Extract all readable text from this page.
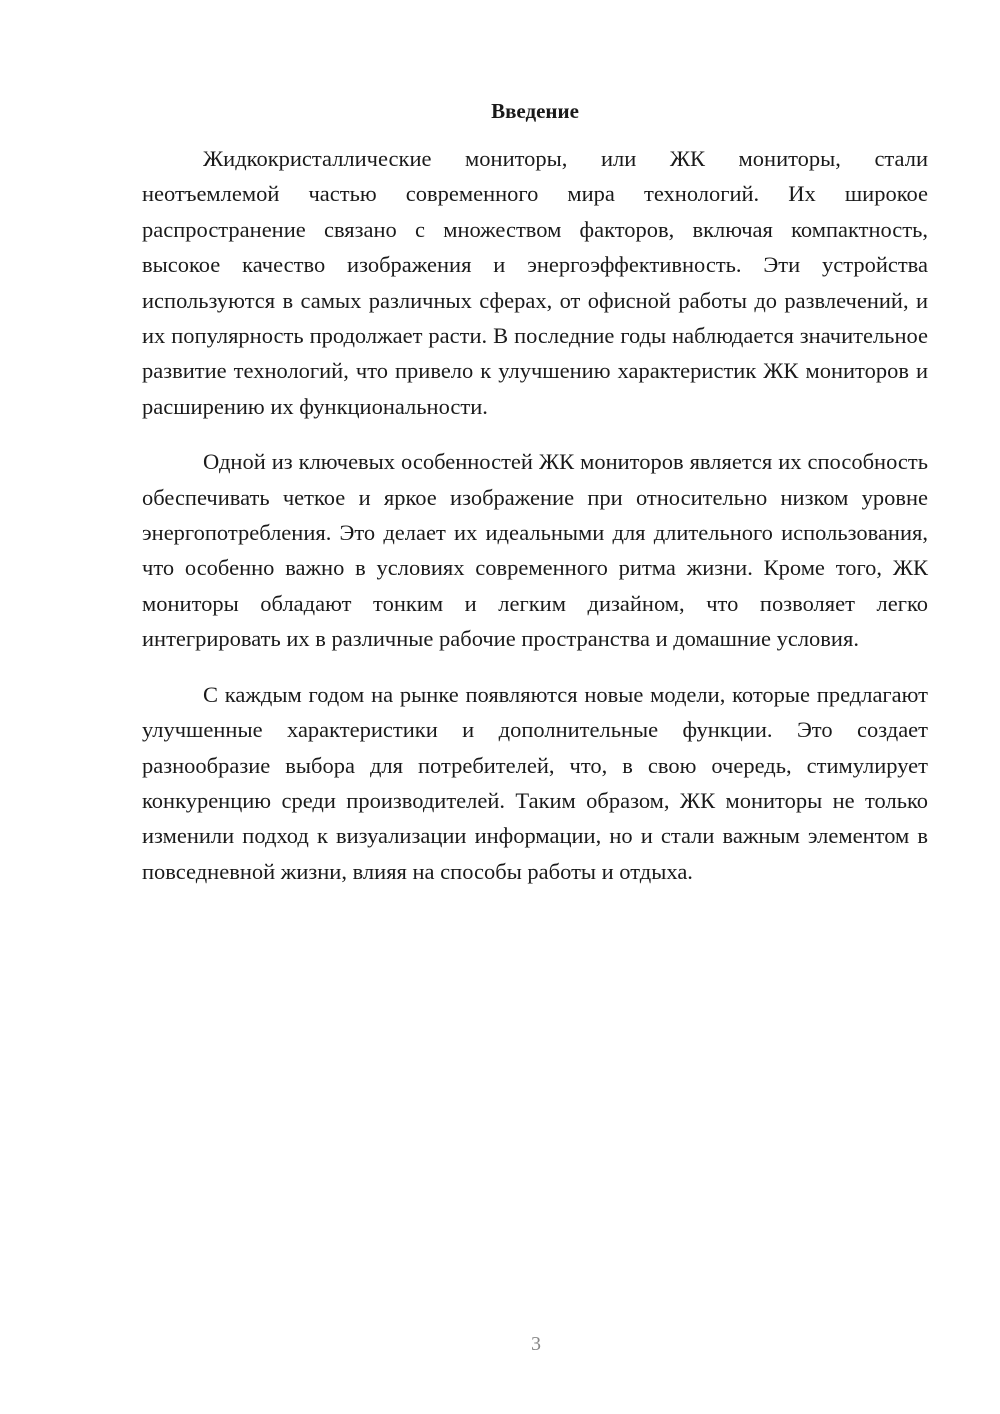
Введение

Жидкокристаллические мониторы, или ЖК мониторы, стали неотъемлемой частью современного мира технологий. Их широкое распространение связано с множеством факторов, включая компактность, высокое качество изображения и энергоэффективность. Эти устройства используются в самых различных сферах, от офисной работы до развлечений, и их популярность продолжает расти. В последние годы наблюдается значительное развитие технологий, что привело к улучшению характеристик ЖК мониторов и расширению их функциональности.

Одной из ключевых особенностей ЖК мониторов является их способность обеспечивать четкое и яркое изображение при относительно низком уровне энергопотребления. Это делает их идеальными для длительного использования, что особенно важно в условиях современного ритма жизни. Кроме того, ЖК мониторы обладают тонким и легким дизайном, что позволяет легко интегрировать их в различные рабочие пространства и домашние условия.

С каждым годом на рынке появляются новые модели, которые предлагают улучшенные характеристики и дополнительные функции. Это создает разнообразие выбора для потребителей, что, в свою очередь, стимулирует конкуренцию среди производителей. Таким образом, ЖК мониторы не только изменили подход к визуализации информации, но и стали важным элементом в повседневной жизни, влияя на способы работы и отдыха.

3
